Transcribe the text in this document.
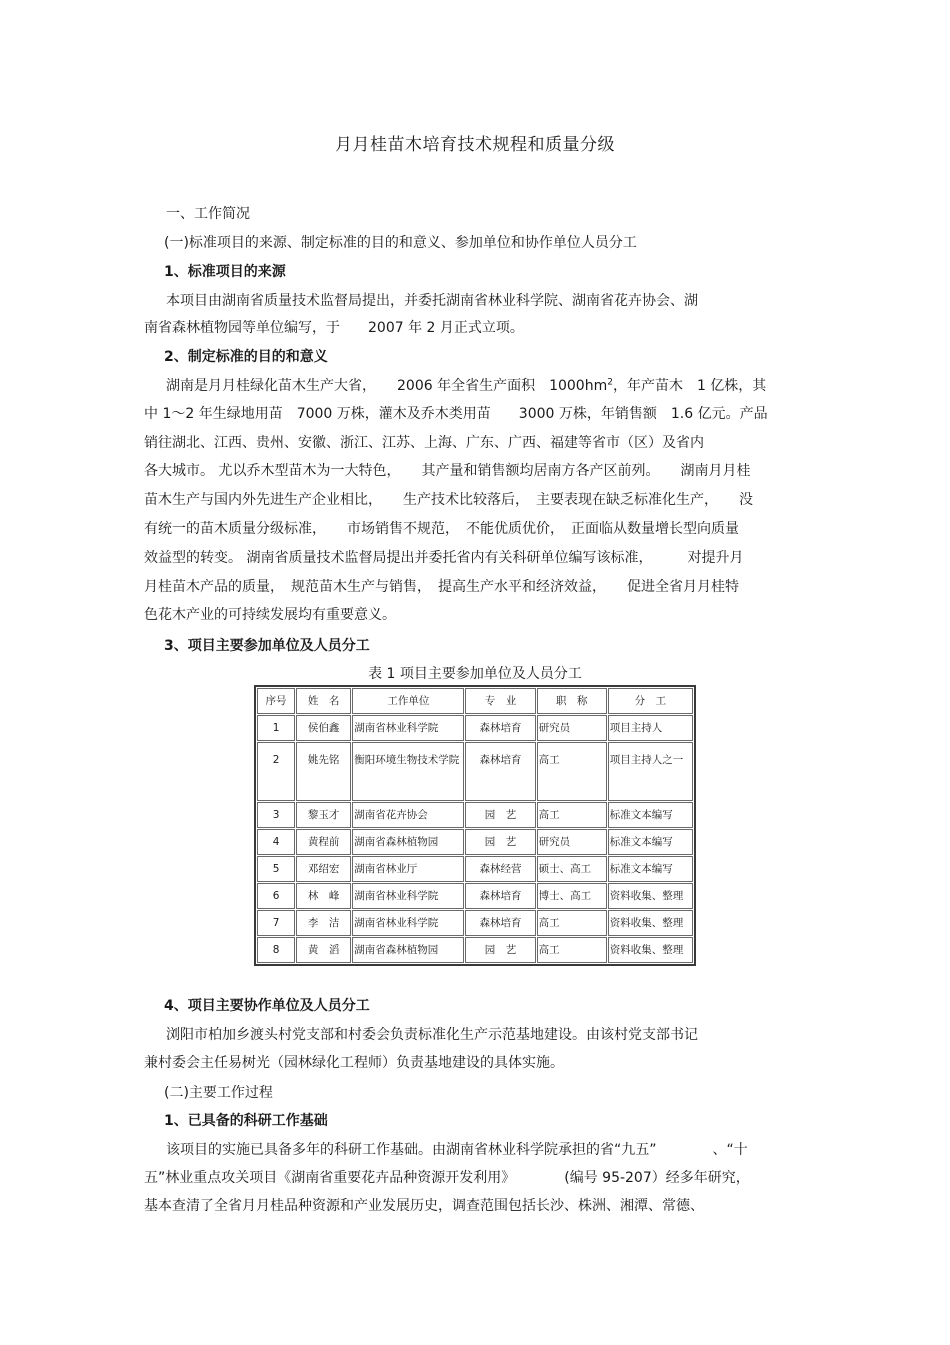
月月桂苗木培育技术规程和质量分级
一、工作简况
(一)标准项目的来源、制定标准的目的和意义、参加单位和协作单位人员分工
1、标准项目的来源
本项目由湖南省质量技术监督局提出，并委托湖南省林业科学院、湖南省花卉协会、湖
南省森林植物园等单位编写，于　　2007 年 2 月正式立项。
2、制定标准的目的和意义
湖南是月月桂绿化苗木生产大省，　　2006 年全省生产面积　$1000hm^2$，年产苗木　1 亿株，其
中 1～2 年生绿地用苗　7000 万株，灌木及乔木类用苗　　3000 万株，年销售额　1.6 亿元。产品
销往湖北、江西、贵州、安徽、浙江、江苏、上海、广东、广西、福建等省市（区）及省内
各大城市。 尤以乔木型苗木为一大特色，　　其产量和销售额均居南方各产区前列。　　湖南月月桂
苗木生产与国内外先进生产企业相比，　　生产技术比较落后，　主要表现在缺乏标准化生产，　　没
有统一的苗木质量分级标准，　　市场销售不规范，　不能优质优价，　正面临从数量增长型向质量
效益型的转变。 湖南省质量技术监督局提出并委托省内有关科研单位编写该标准，　　　对提升月
月桂苗木产品的质量，　规范苗木生产与销售，　提高生产水平和经济效益，　　促进全省月月桂特
色花木产业的可持续发展均有重要意义。
3、项目主要参加单位及人员分工
表 1 项目主要参加单位及人员分工
序号	姓　名	工作单位	专　业	职　称	分　工
1	侯伯鑫	湖南省林业科学院	森林培育	研究员	项目主持人
2	姚先铭	衡阳环境生物技术学院	森林培育	高工	项目主持人之一
3	黎玉才	湖南省花卉协会	园　艺	高工	标准文本编写
4	黄程前	湖南省森林植物园	园　艺	研究员	标准文本编写
5	邓绍宏	湖南省林业厅	森林经营	硕士、高工	标准文本编写
6	林　峰	湖南省林业科学院	森林培育	博士、高工	资料收集、整理
7	李　洁	湖南省林业科学院	森林培育	高工	资料收集、整理
8	黄　滔	湖南省森林植物园	园　艺	高工	资料收集、整理
4、项目主要协作单位及人员分工
浏阳市柏加乡渡头村党支部和村委会负责标准化生产示范基地建设。由该村党支部书记
兼村委会主任易树光（园林绿化工程师）负责基地建设的具体实施。
(二)主要工作过程
1、已具备的科研工作基础
该项目的实施已具备多年的科研工作基础。由湖南省林业科学院承担的省“九五”　　　　、“十
五”林业重点攻关项目《湖南省重要花卉品种资源开发利用》　　　　(编号 95-207）经多年研究，
基本查清了全省月月桂品种资源和产业发展历史，调查范围包括长沙、株洲、湘潭、常德、
